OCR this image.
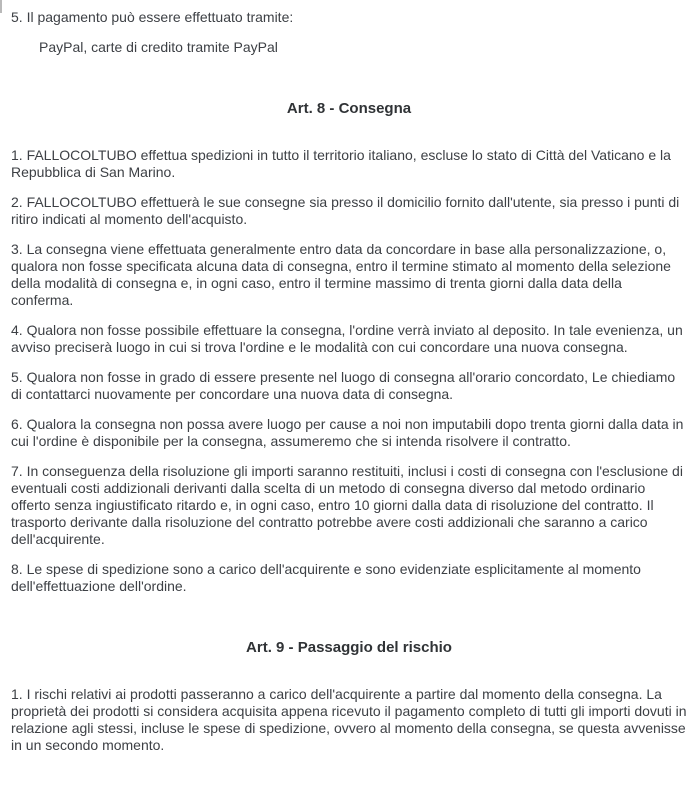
5. Il pagamento può essere effettuato tramite:

PayPal, carte di credito tramite PayPal
Art. 8 - Consegna

1. FALLOCOLTUBO effettua spedizioni in tutto il territorio italiano, escluse lo stato di Città del Vaticano e la Repubblica di San Marino.

2. FALLOCOLTUBO effettuerà le sue consegne sia presso il domicilio fornito dall'utente, sia presso i punti di ritiro indicati al momento dell'acquisto.

3. La consegna viene effettuata generalmente entro data da concordare in base alla personalizzazione, o, qualora non fosse specificata alcuna data di consegna, entro il termine stimato al momento della selezione della modalità di consegna e, in ogni caso, entro il termine massimo di trenta giorni dalla data della conferma.

4. Qualora non fosse possibile effettuare la consegna, l'ordine verrà inviato al deposito. In tale evenienza, un avviso preciserà luogo in cui si trova l'ordine e le modalità con cui concordare una nuova consegna.

5. Qualora non fosse in grado di essere presente nel luogo di consegna all'orario concordato, Le chiediamo di contattarci nuovamente per concordare una nuova data di consegna.

6. Qualora la consegna non possa avere luogo per cause a noi non imputabili dopo trenta giorni dalla data in cui l'ordine è disponibile per la consegna, assumeremo che si intenda risolvere il contratto.

7. In conseguenza della risoluzione gli importi saranno restituiti, inclusi i costi di consegna con l'esclusione di eventuali costi addizionali derivanti dalla scelta di un metodo di consegna diverso dal metodo ordinario offerto senza ingiustificato ritardo e, in ogni caso, entro 10 giorni dalla data di risoluzione del contratto. Il trasporto derivante dalla risoluzione del contratto potrebbe avere costi addizionali che saranno a carico dell'acquirente.

8. Le spese di spedizione sono a carico dell'acquirente e sono evidenziate esplicitamente al momento dell'effettuazione dell'ordine.

Art. 9 - Passaggio del rischio

1. I rischi relativi ai prodotti passeranno a carico dell'acquirente a partire dal momento della consegna. La proprietà dei prodotti si considera acquisita appena ricevuto il pagamento completo di tutti gli importi dovuti in relazione agli stessi, incluse le spese di spedizione, ovvero al momento della consegna, se questa avvenisse in un secondo momento.
